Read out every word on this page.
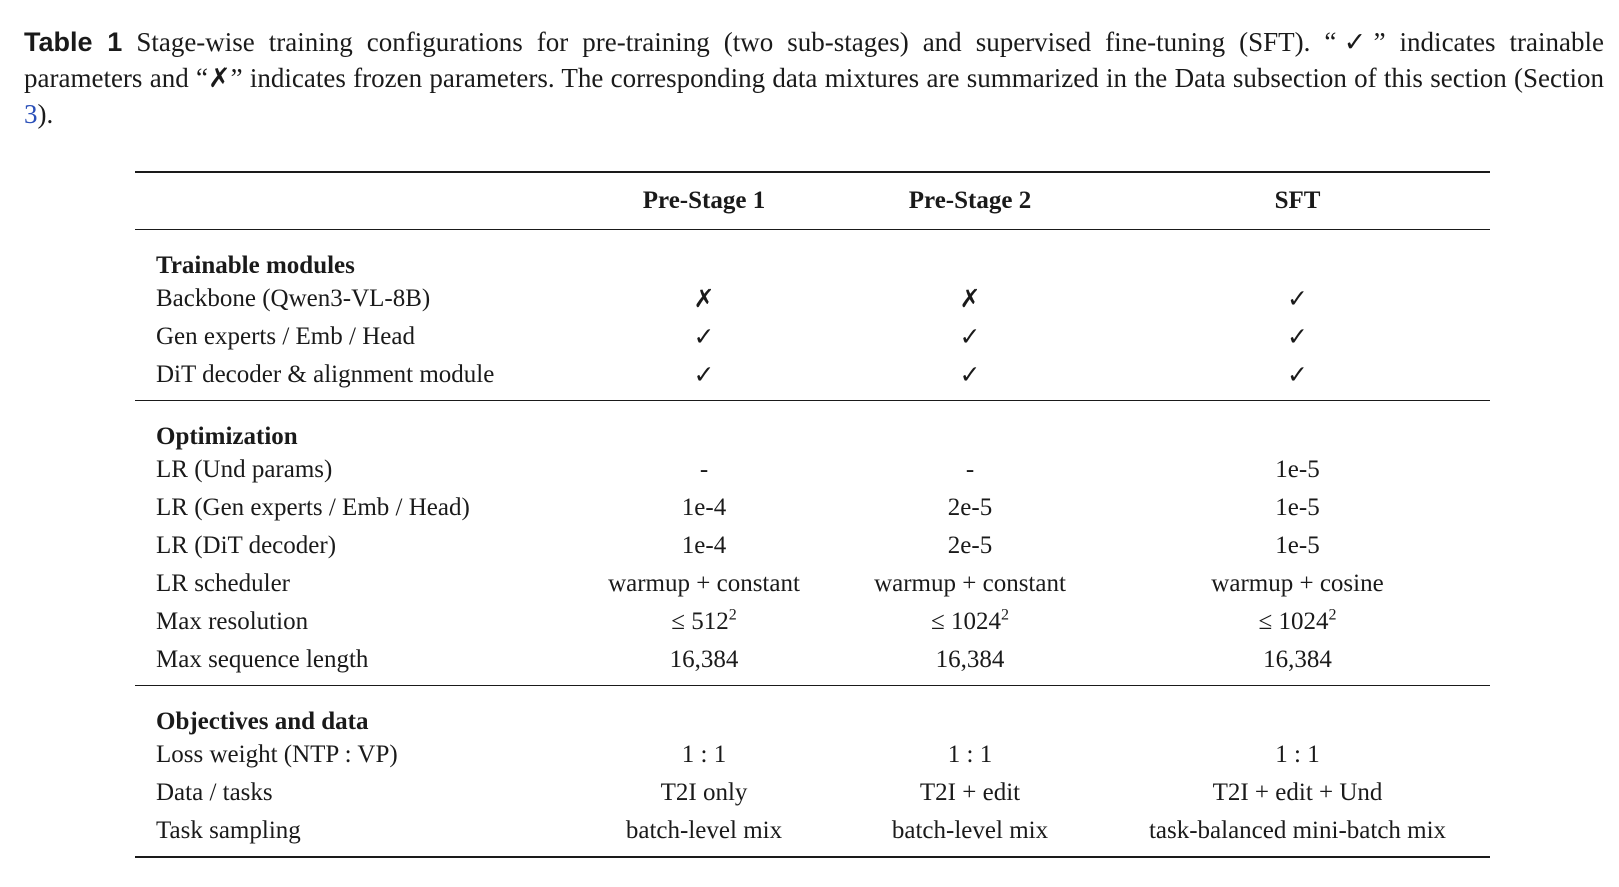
Table 1 Stage-wise training configurations for pre-training (two sub-stages) and supervised fine-tuning (SFT). “✓” indicates trainable parameters and “✗” indicates frozen parameters. The corresponding data mixtures are summarized in the Data subsection of this section (Section 3).
	Pre-Stage 1	Pre-Stage 2	SFT
Trainable modules			
Backbone (Qwen3-VL-8B)	✗	✗	✓
Gen experts / Emb / Head	✓	✓	✓
DiT decoder & alignment module	✓	✓	✓
Optimization			
LR (Und params)	-	-	1e-5
LR (Gen experts / Emb / Head)	1e-4	2e-5	1e-5
LR (DiT decoder)	1e-4	2e-5	1e-5
LR scheduler	warmup + constant	warmup + constant	warmup + cosine
Max resolution	≤ $512^2$	≤ $1024^2$	≤ $1024^2$
Max sequence length	16,384	16,384	16,384
Objectives and data			
Loss weight (NTP : VP)	1 : 1	1 : 1	1 : 1
Data / tasks	T2I only	T2I + edit	T2I + edit + Und
Task sampling	batch-level mix	batch-level mix	task-balanced mini-batch mix
